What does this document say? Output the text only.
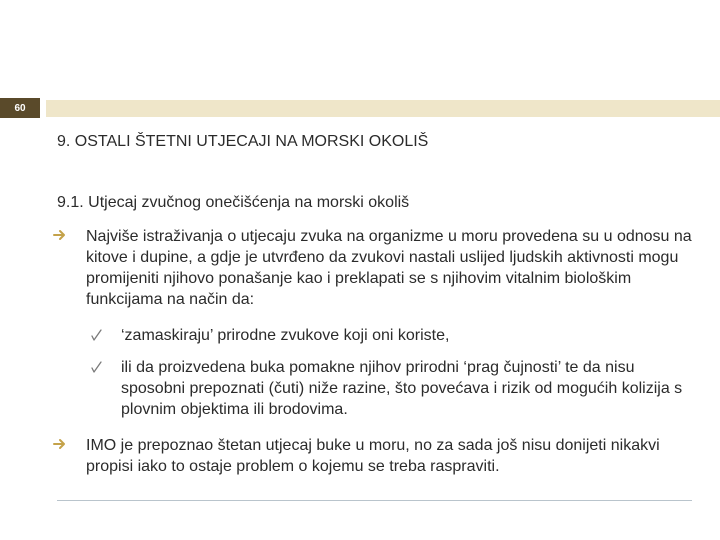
60
9. OSTALI ŠTETNI UTJECAJI NA MORSKI OKOLIŠ
9.1. Utjecaj zvučnog onečišćenja na morski okoliš
Najviše istraživanja o utjecaju zvuka na organizme u moru provedena su u odnosu na kitove i dupine, a gdje je utvrđeno da zvukovi nastali uslijed ljudskih aktivnosti mogu promijeniti njihovo ponašanje kao i preklapati se s njihovim vitalnim biološkim funkcijama na način da:
‘zamaskiraju’ prirodne zvukove koji oni koriste,
ili da proizvedena buka pomakne njihov prirodni ‘prag čujnosti’ te da nisu sposobni prepoznati (čuti) niže razine, što povećava i rizik od mogućih kolizija s plovnim objektima ili brodovima.
IMO je prepoznao štetan utjecaj buke u moru, no za sada još nisu donijeti nikakvi propisi iako to ostaje problem o kojemu se treba raspraviti.
